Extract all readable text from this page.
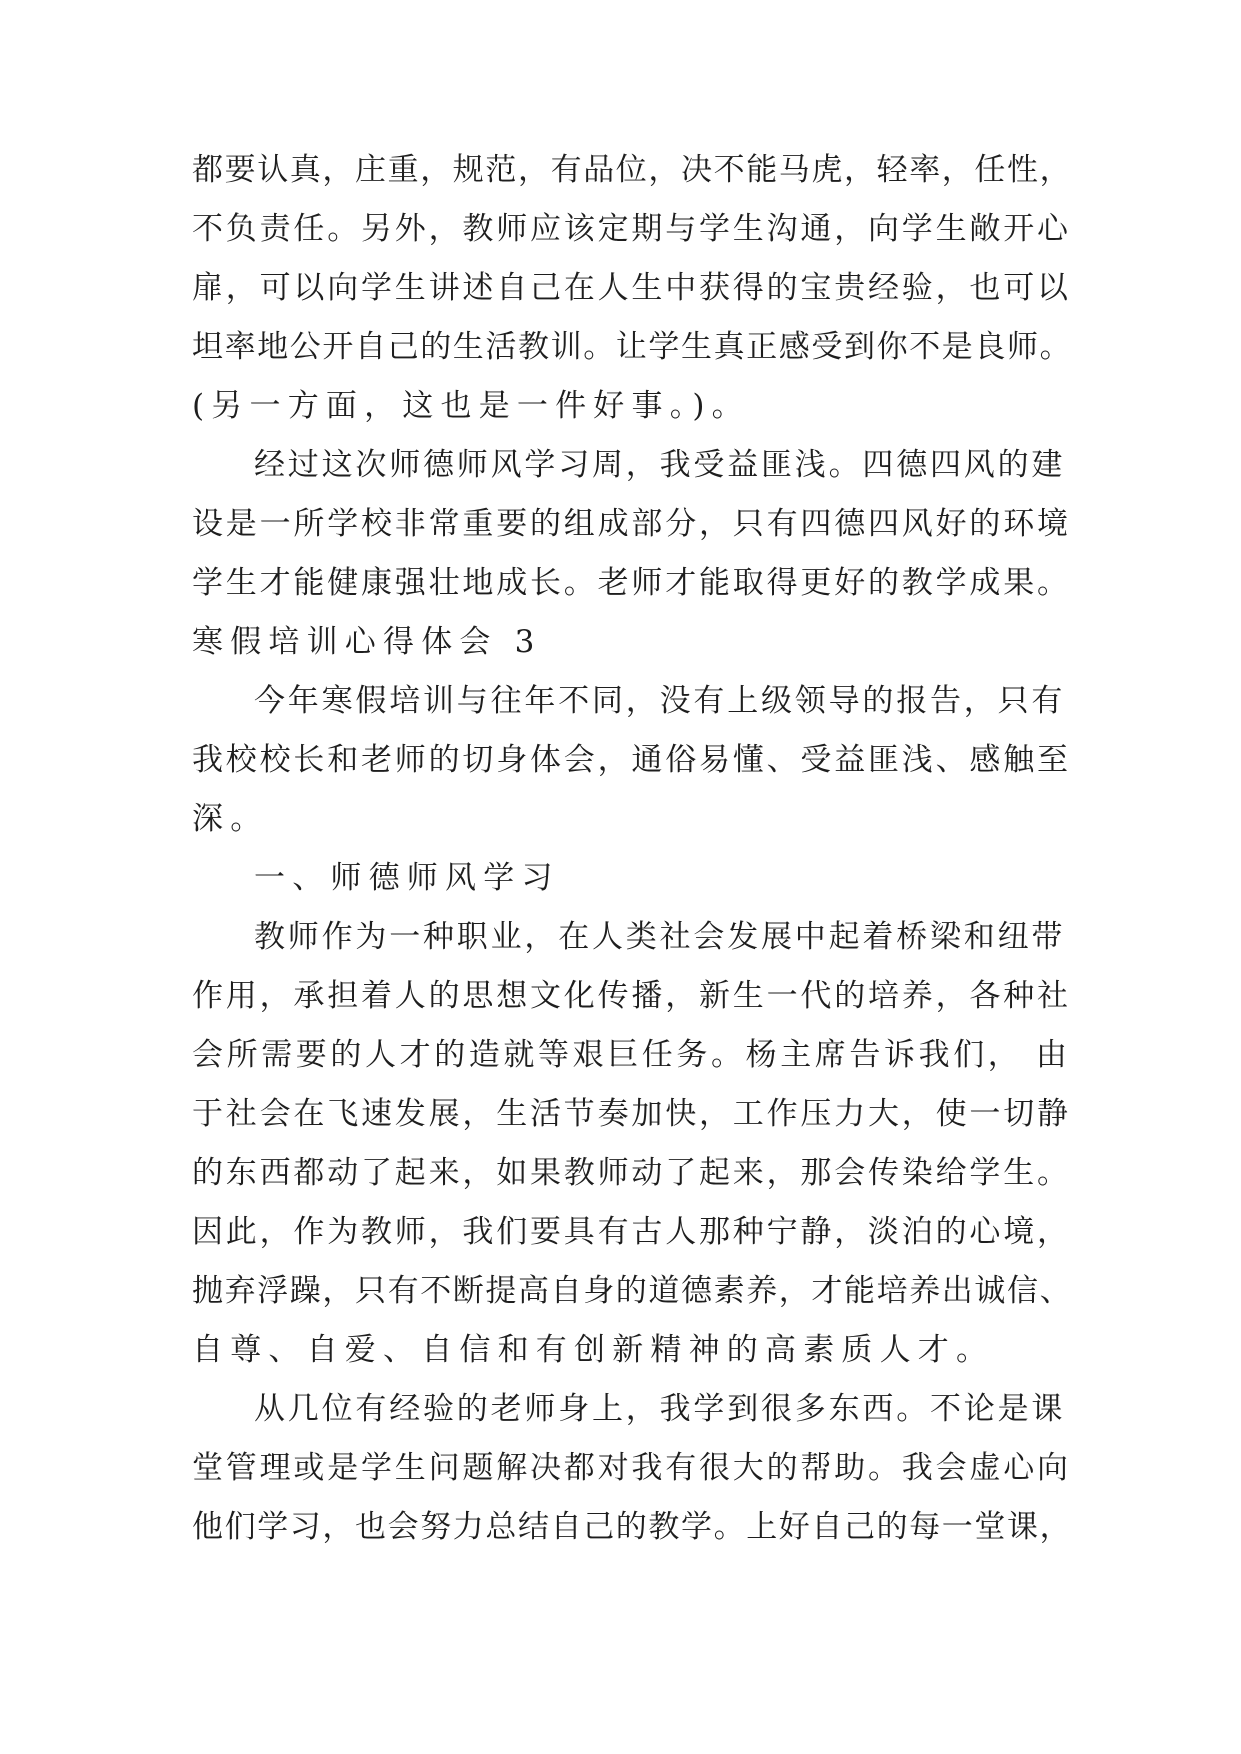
都要认真，庄重，规范，有品位，决不能马虎，轻率，任性，
不负责任。另外，教师应该定期与学生沟通，向学生敞开心
扉，可以向学生讲述自己在人生中获得的宝贵经验，也可以
坦率地公开自己的生活教训。让学生真正感受到你不是良师。
(另一方面，这也是一件好事。)。
经过这次师德师风学习周，我受益匪浅。四德四风的建
设是一所学校非常重要的组成部分，只有四德四风好的环境
学生才能健康强壮地成长。老师才能取得更好的教学成果。
寒假培训心得体会 3
今年寒假培训与往年不同，没有上级领导的报告，只有
我校校长和老师的切身体会，通俗易懂、受益匪浅、感触至
深。
一、师德师风学习
教师作为一种职业，在人类社会发展中起着桥梁和纽带
作用，承担着人的思想文化传播，新生一代的培养，各种社
会所需要的人才的造就等艰巨任务。杨主席告诉我们， 由
于社会在飞速发展，生活节奏加快，工作压力大，使一切静
的东西都动了起来，如果教师动了起来，那会传染给学生。
因此，作为教师，我们要具有古人那种宁静，淡泊的心境，
抛弃浮躁，只有不断提高自身的道德素养，才能培养出诚信、
自尊、自爱、自信和有创新精神的高素质人才。
从几位有经验的老师身上，我学到很多东西。不论是课
堂管理或是学生问题解决都对我有很大的帮助。我会虚心向
他们学习，也会努力总结自己的教学。上好自己的每一堂课，
